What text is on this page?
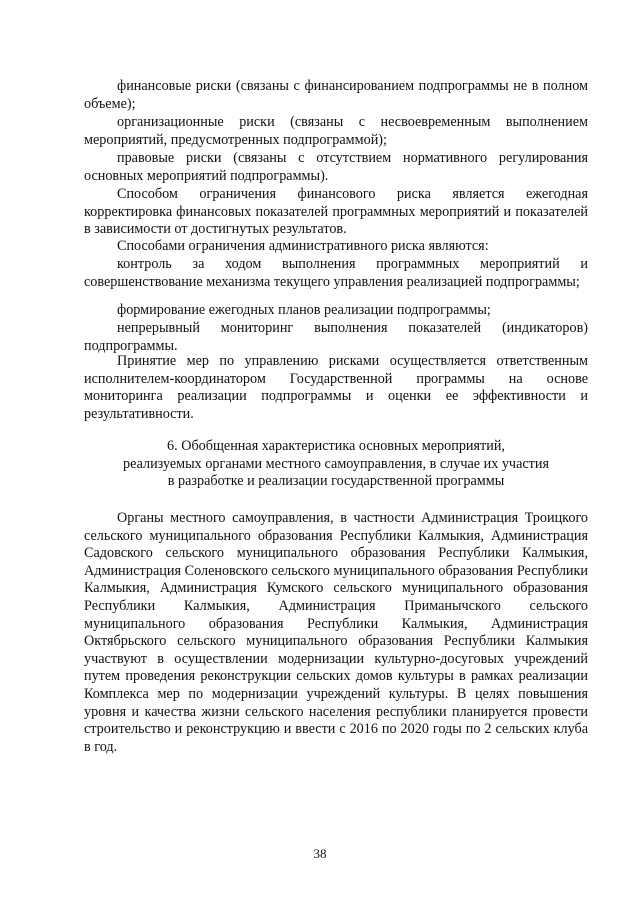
финансовые риски (связаны с финансированием подпрограммы не в полном объеме);

организационные риски (связаны с несвоевременным выполнением мероприятий, предусмотренных подпрограммой);

правовые риски (связаны с отсутствием нормативного регулирования основных мероприятий подпрограммы).

Способом ограничения финансового риска является ежегодная корректировка финансовых показателей программных мероприятий и показателей в зависимости от достигнутых результатов.

Способами ограничения административного риска являются:

контроль за ходом выполнения программных мероприятий и совершенствование механизма текущего управления реализацией подпрограммы;

формирование ежегодных планов реализации подпрограммы;

непрерывный мониторинг выполнения показателей (индикаторов) подпрограммы.

Принятие мер по управлению рисками осуществляется ответственным исполнителем-координатором Государственной программы на основе мониторинга реализации подпрограммы и оценки ее эффективности и результативности.

6. Обобщенная характеристика основных мероприятий,
реализуемых органами местного самоуправления, в случае их участия
в разработке и реализации государственной программы

Органы местного самоуправления, в частности Администрация Троицкого сельского муниципального образования Республики Калмыкия, Администрация Садовского сельского муниципального образования Республики Калмыкия, Администрация Соленовского сельского муниципального образования Республики Калмыкия, Администрация Кумского сельского муниципального образования Республики Калмыкия, Администрация Приманычского сельского муниципального образования Республики Калмыкия, Администрация Октябрьского сельского муниципального образования Республики Калмыкия участвуют в осуществлении модернизации культурно-досуговых учреждений путем проведения реконструкции сельских домов культуры в рамках реализации Комплекса мер по модернизации учреждений культуры. В целях повышения уровня и качества жизни сельского населения республики планируется провести строительство и реконструкцию и ввести с 2016 по 2020 годы по 2 сельских клуба в год.

38
